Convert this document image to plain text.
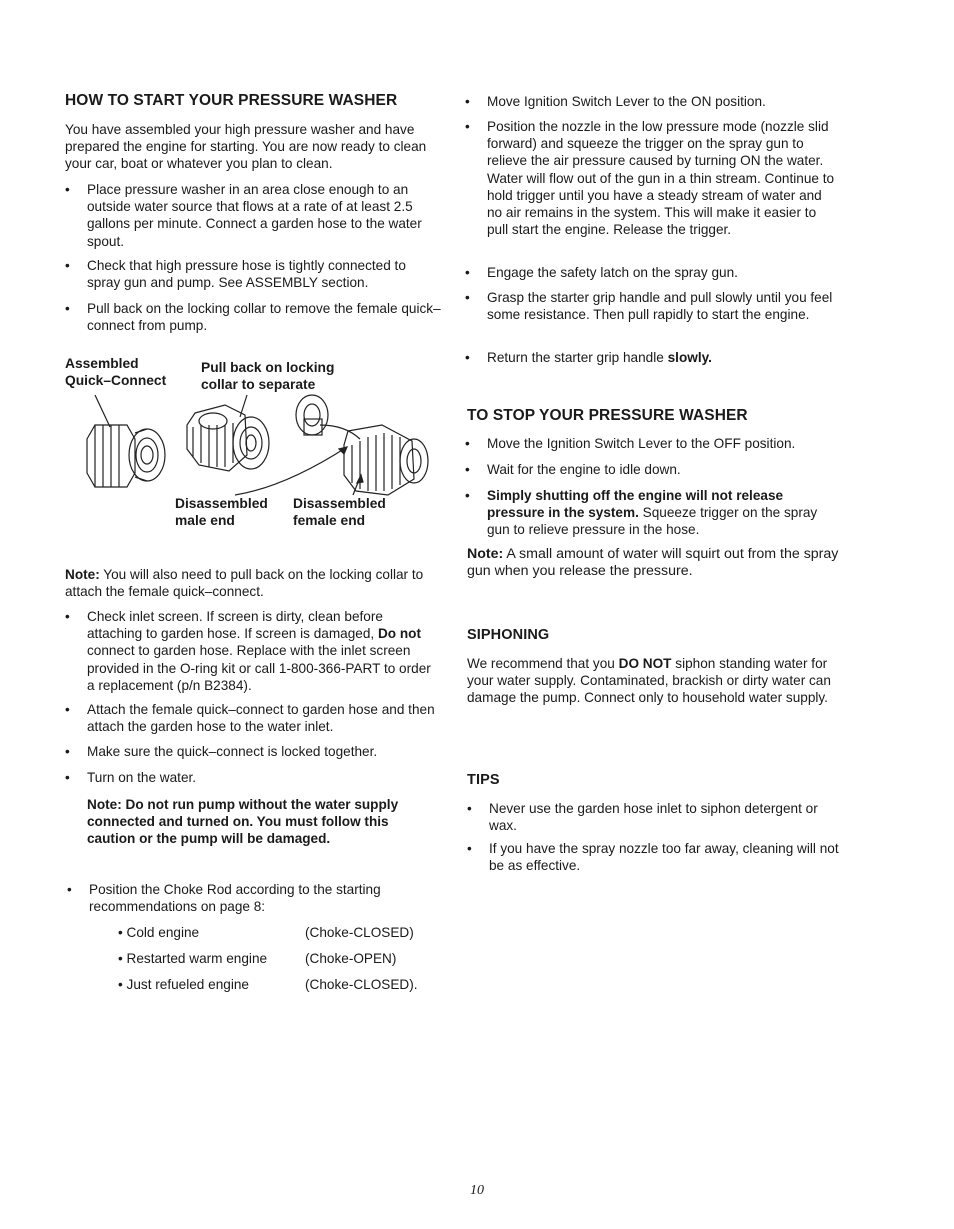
HOW TO START YOUR PRESSURE WASHER

You have assembled your high pressure washer and have prepared the engine for starting. You are now ready to clean your car, boat or whatever you plan to clean.

• Place pressure washer in an area close enough to an outside water source that flows at a rate of at least 2.5 gallons per minute. Connect a garden hose to the water spout.
• Check that high pressure hose is tightly connected to spray gun and pump. See ASSEMBLY section.
• Pull back on the locking collar to remove the female quick–connect from pump.
Assembled
Quick–Connect
Pull back on locking
collar to separate
Disassembled
male end
Disassembled
female end

Note: You will also need to pull back on the locking collar to attach the female quick–connect.

• Check inlet screen. If screen is dirty, clean before attaching to garden hose. If screen is damaged, Do not connect to garden hose. Replace with the inlet screen provided in the O-ring kit or call 1-800-366-PART to order a replacement (p/n B2384).
• Attach the female quick–connect to garden hose and then attach the garden hose to the water inlet.
• Make sure the quick–connect is locked together.
• Turn on the water.

Note: Do not run pump without the water supply connected and turned on. You must follow this caution or the pump will be damaged.

• Position the Choke Rod according to the starting recommendations on page 8:
• Cold engine	(Choke-CLOSED)
• Restarted warm engine	(Choke-OPEN)
• Just refueled engine	(Choke-CLOSED).
• Move Ignition Switch Lever to the ON position.
• Position the nozzle in the low pressure mode (nozzle slid forward) and squeeze the trigger on the spray gun to relieve the air pressure caused by turning ON the water. Water will flow out of the gun in a thin stream. Continue to hold trigger until you have a steady stream of water and no air remains in the system. This will make it easier to pull start the engine. Release the trigger.
• Engage the safety latch on the spray gun.
• Grasp the starter grip handle and pull slowly until you feel some resistance. Then pull rapidly to start the engine.
• Return the starter grip handle slowly.
TO STOP YOUR PRESSURE WASHER
• Move the Ignition Switch Lever to the OFF position.
• Wait for the engine to idle down.
• Simply shutting off the engine will not release pressure in the system. Squeeze trigger on the spray gun to relieve pressure in the hose.

Note: A small amount of water will squirt out from the spray gun when you release the pressure.

SIPHONING

We recommend that you DO NOT siphon standing water for your water supply. Contaminated, brackish or dirty water can damage the pump. Connect only to household water supply.

TIPS
• Never use the garden hose inlet to siphon detergent or wax.
• If you have the spray nozzle too far away, cleaning will not be as effective.
10
